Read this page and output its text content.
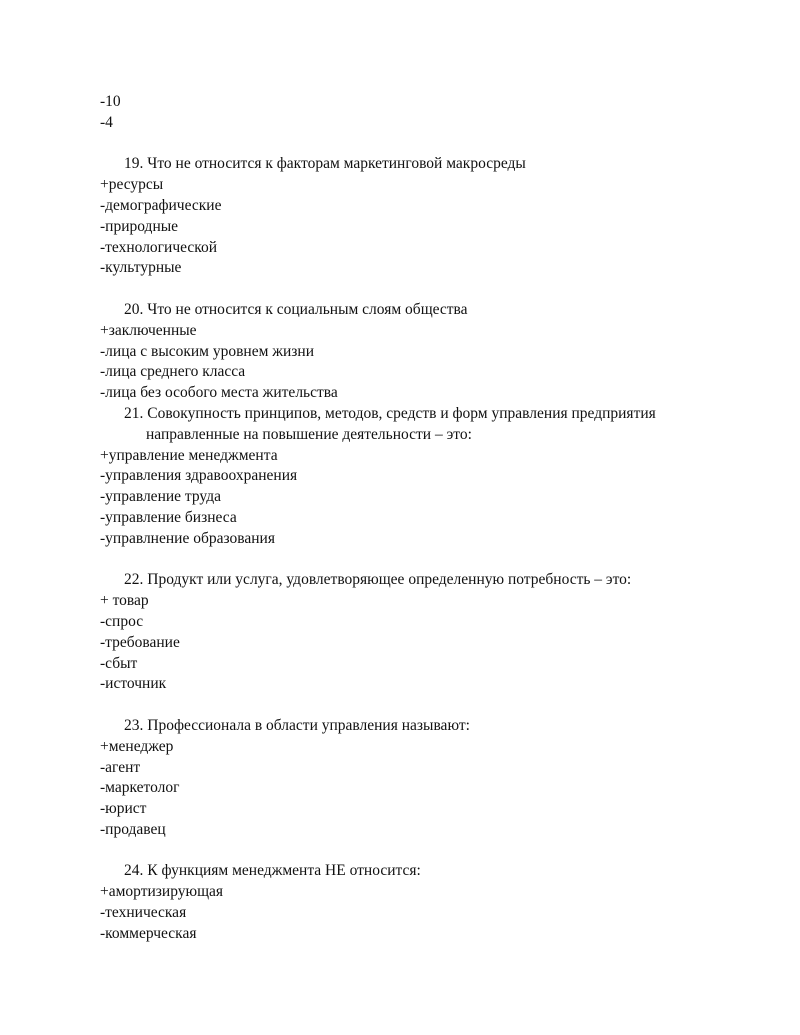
-10
-4
19. Что не относится к факторам маркетинговой макросреды
+ресурсы
-демографические
-природные
-технологической
-культурные
20. Что не относится к социальным слоям общества
+заключенные
-лица с высоким уровнем жизни
-лица среднего класса
-лица без особого места жительства
21. Совокупность принципов, методов, средств и форм управления предприятия направленные на повышение деятельности – это:
+управление менеджмента
-управления здравоохранения
-управление труда
-управление бизнеса
-управлнение образования
22. Продукт или услуга, удовлетворяющее определенную потребность – это:
+ товар
-спрос
-требование
-сбыт
-источник
23. Профессионала в области управления называют:
+менеджер
-агент
-маркетолог
-юрист
-продавец
24. К функциям менеджмента НЕ относится:
+амортизирующая
-техническая
-коммерческая
